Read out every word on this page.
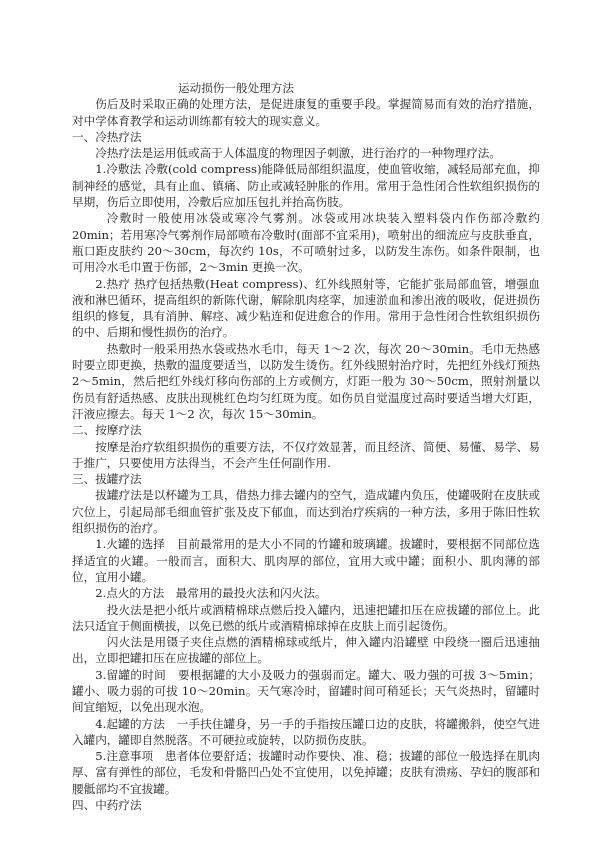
运动损伤一般处理方法

伤后及时采取正确的处理方法，是促进康复的重要手段。掌握简易而有效的治疗措施，对中学体育教学和运动训练都有较大的现实意义。

一、冷热疗法

冷热疗法是运用低或高于人体温度的物理因子刺激，进行治疗的一种物理疗法。

1.冷敷法 冷敷(cold compress)能降低局部组织温度，使血管收缩，减轻局部充血，抑制神经的感觉，具有止血、镇痛、防止或减轻肿胀的作用。常用于急性闭合性软组织损伤的早期，伤后立即使用，冷敷后应加压包扎并抬高伤肢。

冷敷时一般使用冰袋或寒冷气雾剂。冰袋或用冰块装入塑料袋内作伤部冷敷约 20min；若用寒冷气雾剂作局部喷布冷敷时(面部不宜采用)，喷射出的细流应与皮肤垂直，瓶口距皮肤约 20～30cm，每次约 10s，不可喷射过多，以防发生冻伤。如条件限制，也可用冷水毛巾置于伤部，2～3min 更换一次。

2.热疗 热疗包括热敷(Heat compress)、红外线照射等，它能扩张局部血管，增强血液和淋巴循环，提高组织的新陈代谢，解除肌肉痉挛，加速淤血和渗出液的吸收，促进损伤组织的修复，具有消肿、解痉、减少粘连和促进愈合的作用。常用于急性闭合性软组织损伤的中、后期和慢性损伤的治疗。

热敷时一般采用热水袋或热水毛巾，每天 1～2 次，每次 20～30min。毛巾无热感时要立即更换，热敷的温度要适当，以防发生烫伤。红外线照射治疗时，先把红外线灯预热 2～5min，然后把红外线灯移向伤部的上方或侧方，灯距一般为 30～50cm，照射剂量以伤员有舒适热感、皮肤出现桃红色均匀红斑为度。如伤员自觉温度过高时要适当增大灯距，汗液应擦去。每天 1～2 次，每次 15～30min。

二、按摩疗法

按摩是治疗软组织损伤的重要方法，不仅疗效显著，而且经济、简便、易懂、易学、易于推广，只要使用方法得当，不会产生任何副作用.

三、拔罐疗法

拔罐疗法是以杯罐为工具，借热力排去罐内的空气，造成罐内负压，使罐吸附在皮肤或穴位上，引起局部毛细血管扩张及皮下郁血，而达到治疗疾病的一种方法，多用于陈旧性软组织损伤的治疗。

1.火罐的选择　目前最常用的是大小不同的竹罐和玻璃罐。拔罐时，要根据不同部位选择适宜的火罐。一般而言，面积大、肌肉厚的部位，宜用大或中罐；面积小、肌肉薄的部位，宜用小罐。

2.点火的方法　最常用的最投火法和闪火法。

投火法是把小纸片或酒精棉球点燃后投入罐内，迅速把罐扣压在应拔罐的部位上。此法只适宜于侧面横拔，以免已燃的纸片或酒精棉球掉在皮肤上而引起烫伤。

闪火法是用镊子夹住点燃的酒精棉球或纸片，伸入罐内沿罐壁 中段绕一圈后迅速抽出，立即把罐扣压在应拔罐的部位上。

3.留罐的时间　要根据罐的大小及吸力的强弱而定。罐大、吸力强的可拔 3～5min；罐小、吸力弱的可拔 10～20min。天气寒冷时，留罐时间可稍延长；天气炎热时，留罐时间宜缩短，以免出现水泡。

4.起罐的方法　一手扶住罐身，另一手的手指按压罐口边的皮肤，将罐搬斜，使空气进入罐内，罐即自然脱落。不可硬拉或旋转，以防损伤皮肤。

5.注意事项　患者体位要舒适；拔罐时动作要快、准、稳；拔罐的部位一般选择在肌肉厚、富有弹性的部位，毛发和骨骼凹凸处不宜使用，以免掉罐；皮肤有溃疡、孕妇的腹部和腰骶部均不宜拔罐。

四、中药疗法
